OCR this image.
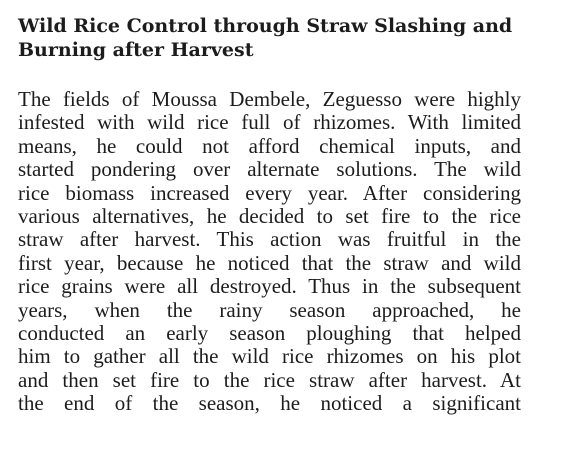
Wild Rice Control through Straw Slashing and
Burning after Harvest
The fields of Moussa Dembele, Zeguesso were highly
infested with wild rice full of rhizomes. With limited
means, he could not afford chemical inputs, and
started pondering over alternate solutions. The wild
rice biomass increased every year. After considering
various alternatives, he decided to set fire to the rice
straw after harvest. This action was fruitful in the
first year, because he noticed that the straw and wild
rice grains were all destroyed. Thus in the subsequent
years, when the rainy season approached, he
conducted an early season ploughing that helped
him to gather all the wild rice rhizomes on his plot
and then set fire to the rice straw after harvest. At
the end of the season, he noticed a significant
